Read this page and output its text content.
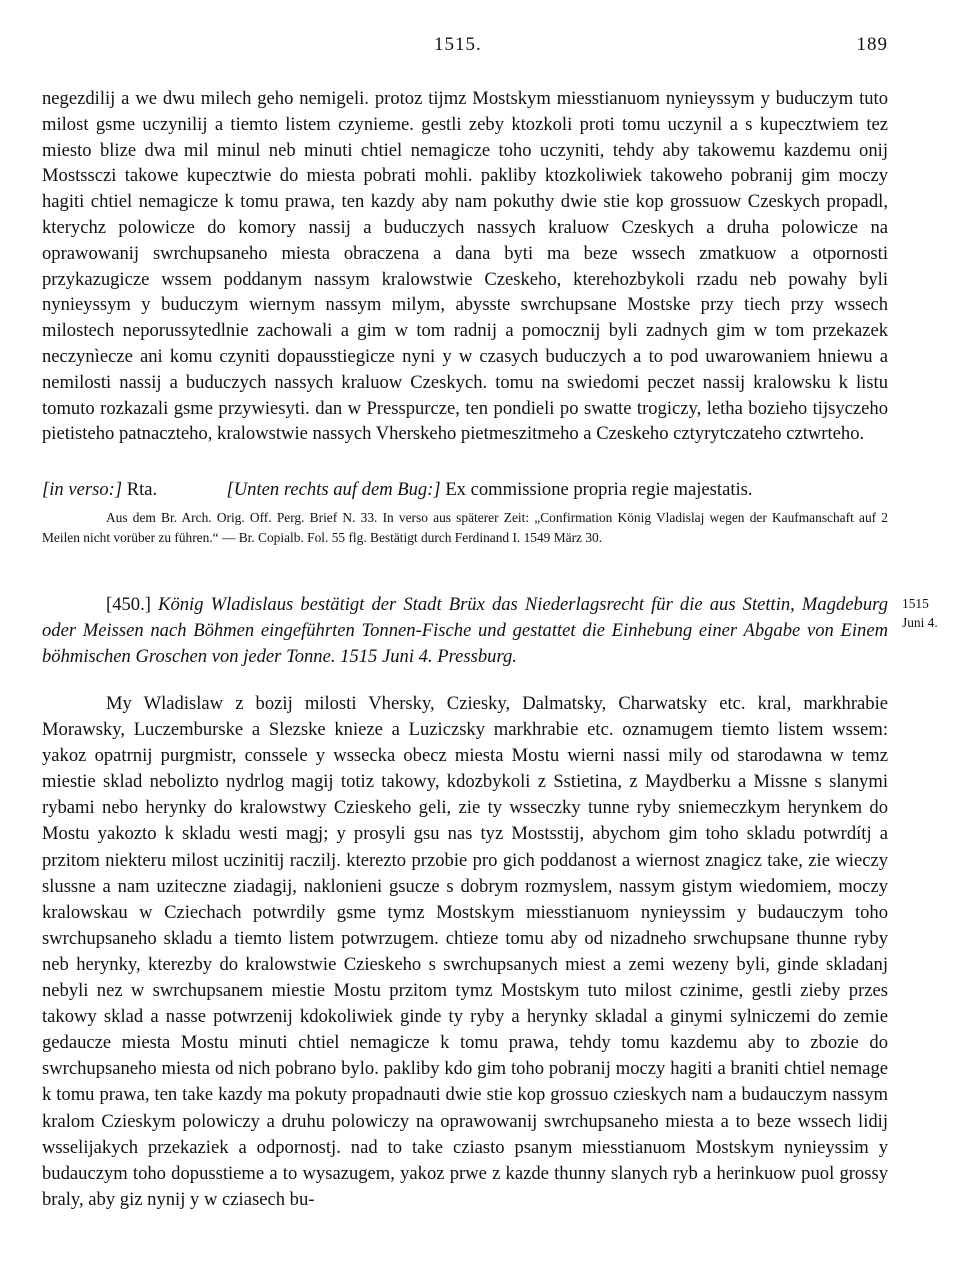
1515.	189

negezdilij a we dwu milech geho nemigeli. protoz tijmz Mostskym miesstianuom nynieyssym y buduczym tuto milost gsme uczynilij a tiemto listem czynieme. gestli zeby ktozkoli proti tomu uczynil a s kupecztwiem tez miesto blize dwa mil minul neb minuti chtiel nemagicze toho uczyniti, tehdy aby takowemu kazdemu onij Mostssczi takowe kupecztwie do miesta pobrati mohli. pakliby ktozkoliwiek takoweho pobranij gim moczy hagiti chtiel nemagicze k tomu prawa, ten kazdy aby nam pokuthy dwie stie kop grossuow Czeskych propadl, kterychz polowicze do komory nassij a buduczych nassych kraluow Czeskych a druha polowicze na oprawowanij swrchupsaneho miesta obraczena a dana byti ma beze wssech zmatkuow a otpornosti przykazugicze wssem poddanym nassym kralowstwie Czeskeho, kterehozbykoli rzadu neb powahy byli nynieyssym y buduczym wiernym nassym milym, abysste swrchupsane Mostske przy tiech przy wssech milostech neporussytedlnie zachowali a gim w tom radnij a pomocznij byli zadnych gim w tom przekazek neczynìecze ani komu czyniti dopausstiegicze nyni y w czasych buduczych a to pod uwarowaniem hniewu a nemilosti nassij a buduczych nassych kraluow Czeskych. tomu na swiedomi peczet nassij kralowsku k listu tomuto rozkazali gsme przywiesyti. dan w Presspurcze, ten pondieli po swatte trogiczy, letha bozieho tijsyczeho pietisteho patnaczteho, kralowstwie nassych Vherskeho pietmeszitmeho a Czeskeho cztyrytczateho cztwrteho.

[in verso:] Rta.	[Unten rechts auf dem Bug:] Ex commissione propria regie majestatis.

Aus dem Br. Arch. Orig. Off. Perg. Brief N. 33. In verso aus späterer Zeit: „Confirmation König Vladislaj wegen der Kaufmanschaft auf 2 Meilen nicht vorüber zu führen.“ — Br. Copialb. Fol. 55 flg. Bestätigt durch Ferdinand I. 1549 März 30.

[450.] König Wladislaus bestätigt der Stadt Brüx das Niederlagsrecht für die aus Stettin, Magdeburg oder Meissen nach Böhmen eingeführten Tonnen-Fische und gestattet die Einhebung einer Abgabe von Einem böhmischen Groschen von jeder Tonne. 1515 Juni 4. Pressburg.

My Wladislaw z bozij milosti Vhersky, Cziesky, Dalmatsky, Charwatsky etc. kral, markhrabie Morawsky, Luczemburske a Slezske knieze a Luziczsky markhrabie etc. oznamugem tiemto listem wssem: yakoz opatrnij purgmistr, conssele y wssecka obecz miesta Mostu wierni nassi mily od starodawna w temz miestie sklad nebolizto nydrlog magij totiz takowy, kdozbykoli z Sstietina, z Maydberku a Missne s slanymi rybami nebo herynky do kralowstwy Czieskeho geli, zie ty wsseczky tunne ryby sniemeczkym herynkem do Mostu yakozto k skladu westi magj; y prosyli gsu nas tyz Mostsstij, abychom gim toho skladu potwrdítj a przitom niekteru milost uczinitij raczilj. kterezto przobie pro gich poddanost a wiernost znagicz take, zie wieczy slussne a nam uziteczne ziadagij, naklonieni gsucze s dobrym rozmyslem, nassym gistym wiedomiem, moczy kralowskau w Cziechach potwrdily gsme tymz Mostskym miesstianuom nynieyssim y budauczym toho swrchupsaneho skladu a tiemto listem potwrzugem. chtieze tomu aby od nizadneho srwchupsane thunne ryby neb herynky, kterezby do kralowstwie Czieskeho s swrchupsanych miest a zemi wezeny byli, ginde skladanj nebyli nez w swrchupsanem miestie Mostu przitom tymz Mostskym tuto milost czinime, gestli zieby przes takowy sklad a nasse potwrzenij kdokoliwiek ginde ty ryby a herynky skladal a ginymi sylniczemi do zemie gedaucze miesta Mostu minuti chtiel nemagicze k tomu prawa, tehdy tomu kazdemu aby to zbozie do swrchupsaneho miesta od nich pobrano bylo. pakliby kdo gim toho pobranij moczy hagiti a braniti chtiel nemage k tomu prawa, ten take kazdy ma pokuty propadnauti dwie stie kop grossuo czieskych nam a budauczym nassym kralom Czieskym polowiczy a druhu polowiczy na oprawowanij swrchupsaneho miesta a to beze wssech lidij wsselijakych przekaziek a odpornostj. nad to take cziasto psanym miesstianuom Mostskym nynieyssim y budauczym toho dopusstieme a to wysazugem, yakoz prwe z kazde thunny slanych ryb a herinkuow puol grossy braly, aby giz nynij y w cziasech bu-

1515
Juni 4.
